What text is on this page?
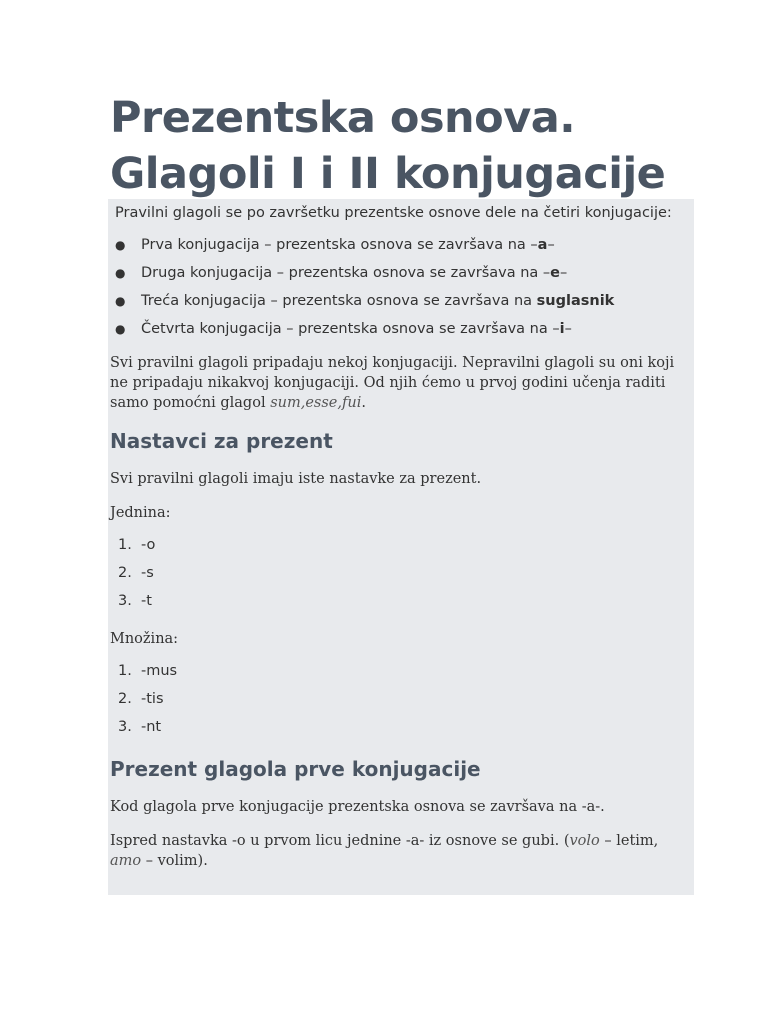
Prezentska osnova. Glagoli I i II konjugacije

Pravilni glagoli se po završetku prezentske osnove dele na četiri konjugacije:

● Prva konjugacija – prezentska osnova se završava na –a–
● Druga konjugacija – prezentska osnova se završava na –e–
● Treća konjugacija – prezentska osnova se završava na suglasnik
● Četvrta konjugacija – prezentska osnova se završava na –i–

Svi pravilni glagoli pripadaju nekoj konjugaciji. Nepravilni glagoli su oni koji ne pripadaju nikakvoj konjugaciji. Od njih ćemo u prvoj godini učenja raditi samo pomoćni glagol sum,esse,fui.

Nastavci za prezent

Svi pravilni glagoli imaju iste nastavke za prezent.

Jednina:

1. -o
2. -s
3. -t

Množina:

1. -mus
2. -tis
3. -nt
Prezent glagola prve konjugacije

Kod glagola prve konjugacije prezentska osnova se završava na -a-.

Ispred nastavka -o u prvom licu jednine -a- iz osnove se gubi. (volo – letim, amo – volim).
